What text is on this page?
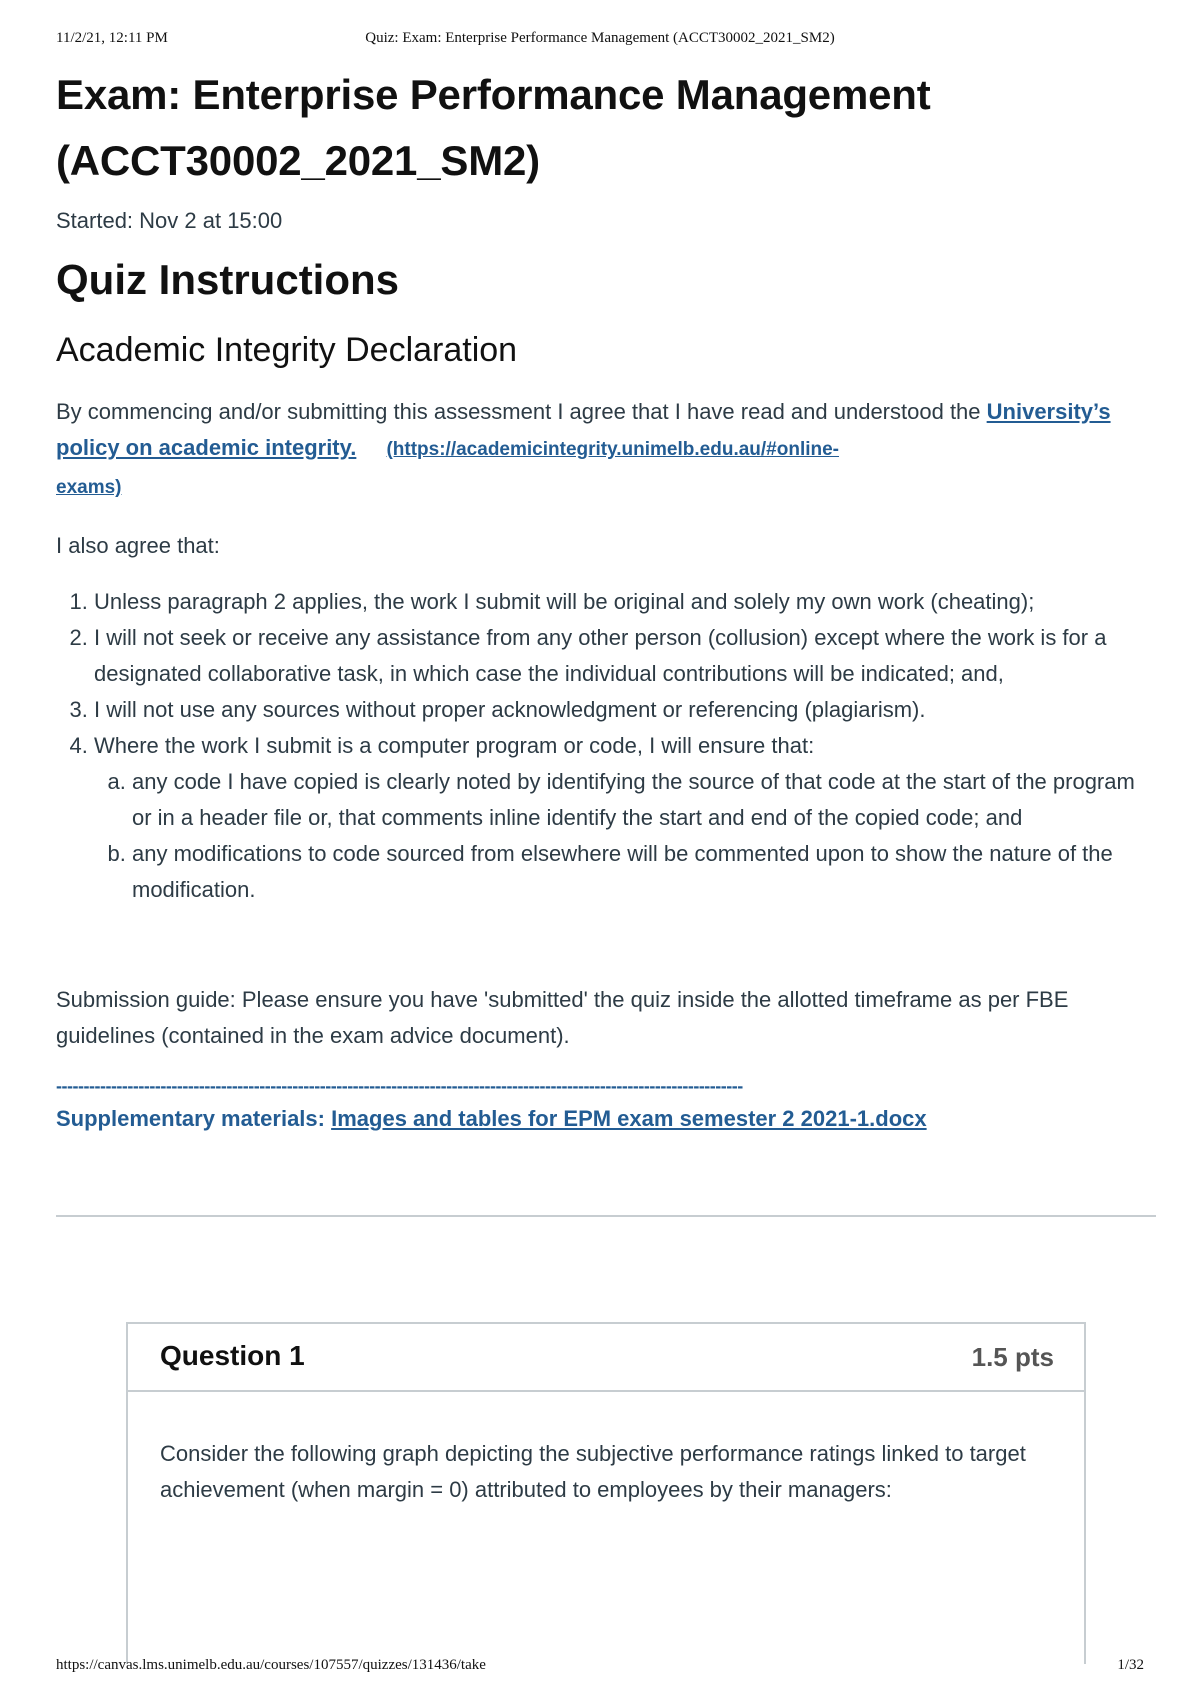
11/2/21, 12:11 PM	Quiz: Exam: Enterprise Performance Management (ACCT30002_2021_SM2)
Exam: Enterprise Performance Management
(ACCT30002_2021_SM2)
Started: Nov 2 at 15:00
Quiz Instructions
Academic Integrity Declaration

By commencing and/or submitting this assessment I agree that I have read and understood the University’s policy on academic integrity. (https://academicintegrity.unimelb.edu.au/#online-
exams)

I also agree that:

1. Unless paragraph 2 applies, the work I submit will be original and solely my own work (cheating);
2. I will not seek or receive any assistance from any other person (collusion) except where the work is for a designated collaborative task, in which case the individual contributions will be indicated; and,
3. I will not use any sources without proper acknowledgment or referencing (plagiarism).
4. Where the work I submit is a computer program or code, I will ensure that:
a. any code I have copied is clearly noted by identifying the source of that code at the start of the program or in a header file or, that comments inline identify the start and end of the copied code; and
b. any modifications to code sourced from elsewhere will be commented upon to show the nature of the modification.

Submission guide: Please ensure you have 'submitted' the quiz inside the allotted timeframe as per FBE guidelines (contained in the exam advice document).

-----------------------------------------------------------------------------------------------------------------------------
Supplementary materials: Images and tables for EPM exam semester 2 2021-1.docx
Question 1	1.5 pts
Consider the following graph depicting the subjective performance ratings linked to target achievement (when margin = 0) attributed to employees by their managers:
https://canvas.lms.unimelb.edu.au/courses/107557/quizzes/131436/take	1/32
